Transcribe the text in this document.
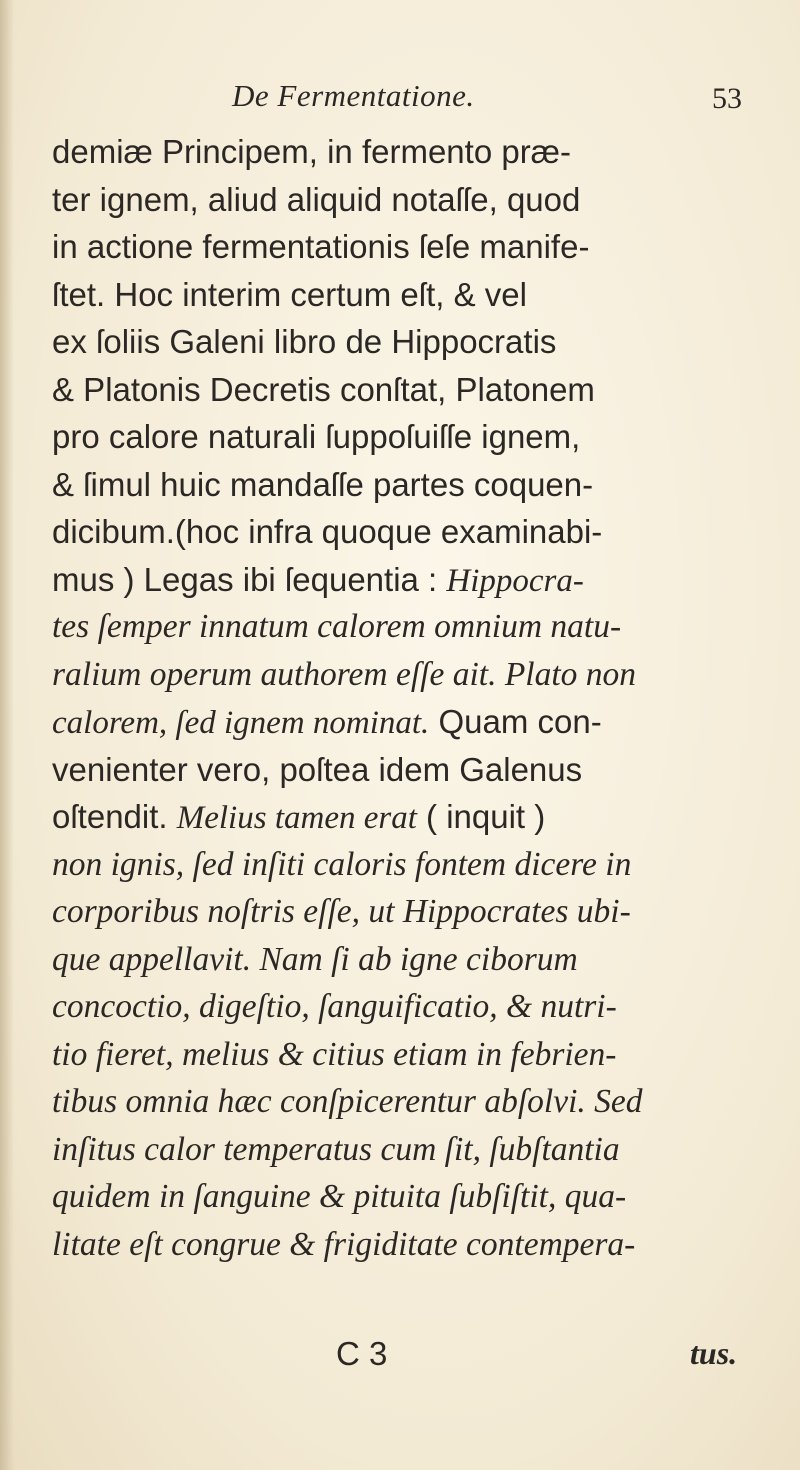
De Fermentatione.	53
demiæ Principem, in fermento præ-
ter ignem, aliud aliquid notaſſe, quod
in actione fermentationis ſeſe manife-
ſtet. Hoc interim certum eſt, & vel
ex ſoliis Galeni libro de Hippocratis
& Platonis Decretis conſtat, Platonem
pro calore naturali ſuppoſuiſſe ignem,
& ſimul huic mandaſſe partes coquen-
dicibum.(hoc infra quoque examinabi-
mus ) Legas ibi ſequentia : Hippocra-
tes ſemper innatum calorem omnium natu-
ralium operum authorem eſſe ait. Plato non
calorem, ſed ignem nominat. Quam con-
venienter vero, poſtea idem Galenus
oſtendit. Melius tamen erat ( inquit )
non ignis, ſed inſiti caloris fontem dicere in
corporibus noſtris eſſe, ut Hippocrates ubi-
que appellavit. Nam ſi ab igne ciborum
concoctio, digeſtio, ſanguificatio, & nutri-
tio fieret, melius & citius etiam in febrien-
tibus omnia hæc conſpicerentur abſolvi. Sed
inſitus calor temperatus cum ſit, ſubſtantia
quidem in ſanguine & pituita ſubſiſtit, qua-
litate eſt congrue & frigiditate contempera-
C 3	tus.
